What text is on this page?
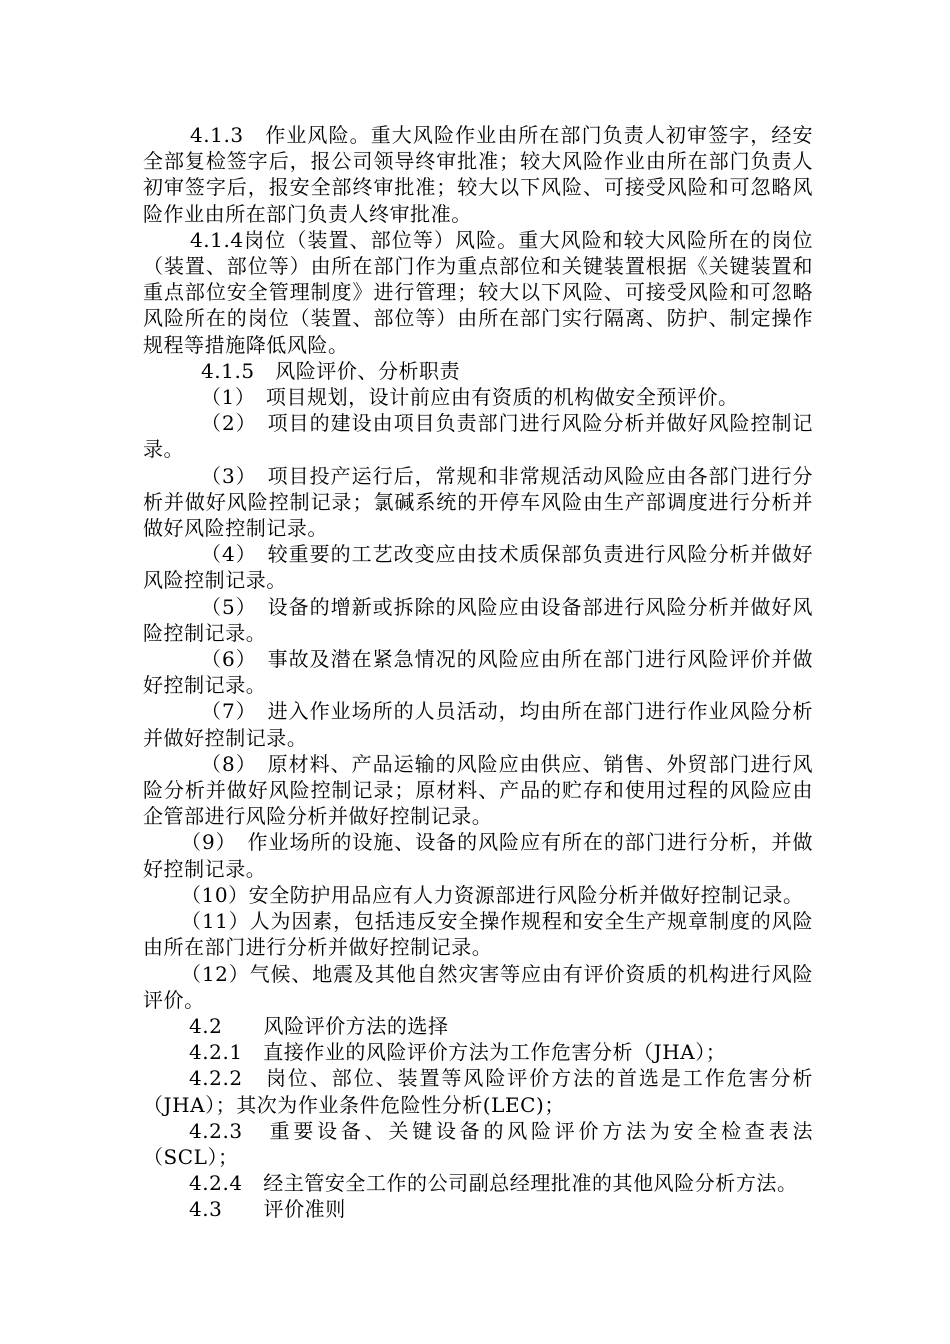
4.1.3　作业风险。重大风险作业由所在部门负责人初审签字，经安全部复检签字后，报公司领导终审批准；较大风险作业由所在部门负责人初审签字后，报安全部终审批准；较大以下风险、可接受风险和可忽略风险作业由所在部门负责人终审批准。

4.1.4岗位（装置、部位等）风险。重大风险和较大风险所在的岗位（装置、部位等）由所在部门作为重点部位和关键装置根据《关键装置和重点部位安全管理制度》进行管理；较大以下风险、可接受风险和可忽略风险所在的岗位（装置、部位等）由所在部门实行隔离、防护、制定操作规程等措施降低风险。

4.1.5　风险评价、分析职责

（1）　项目规划，设计前应由有资质的机构做安全预评价。

（2）　项目的建设由项目负责部门进行风险分析并做好风险控制记录。

（3）　项目投产运行后，常规和非常规活动风险应由各部门进行分析并做好风险控制记录；氯碱系统的开停车风险由生产部调度进行分析并做好风险控制记录。

（4）　较重要的工艺改变应由技术质保部负责进行风险分析并做好风险控制记录。

（5）　设备的增新或拆除的风险应由设备部进行风险分析并做好风险控制记录。

（6）　事故及潜在紧急情况的风险应由所在部门进行风险评价并做好控制记录。

（7）　进入作业场所的人员活动，均由所在部门进行作业风险分析并做好控制记录。

（8）　原材料、产品运输的风险应由供应、销售、外贸部门进行风险分析并做好风险控制记录；原材料、产品的贮存和使用过程的风险应由企管部进行风险分析并做好控制记录。

（9）　作业场所的设施、设备的风险应有所在的部门进行分析，并做好控制记录。

（10）安全防护用品应有人力资源部进行风险分析并做好控制记录。

（11）人为因素，包括违反安全操作规程和安全生产规章制度的风险由所在部门进行分析并做好控制记录。

（12）气候、地震及其他自然灾害等应由有评价资质的机构进行风险评价。

4.2　　风险评价方法的选择

4.2.1　直接作业的风险评价方法为工作危害分析（JHA）；

4.2.2　岗位、部位、装置等风险评价方法的首选是工作危害分析（JHA）；其次为作业条件危险性分析(LEC)；

4.2.3　重要设备、关键设备的风险评价方法为安全检查表法（SCL）；

4.2.4　经主管安全工作的公司副总经理批准的其他风险分析方法。

4.3　　评价准则
